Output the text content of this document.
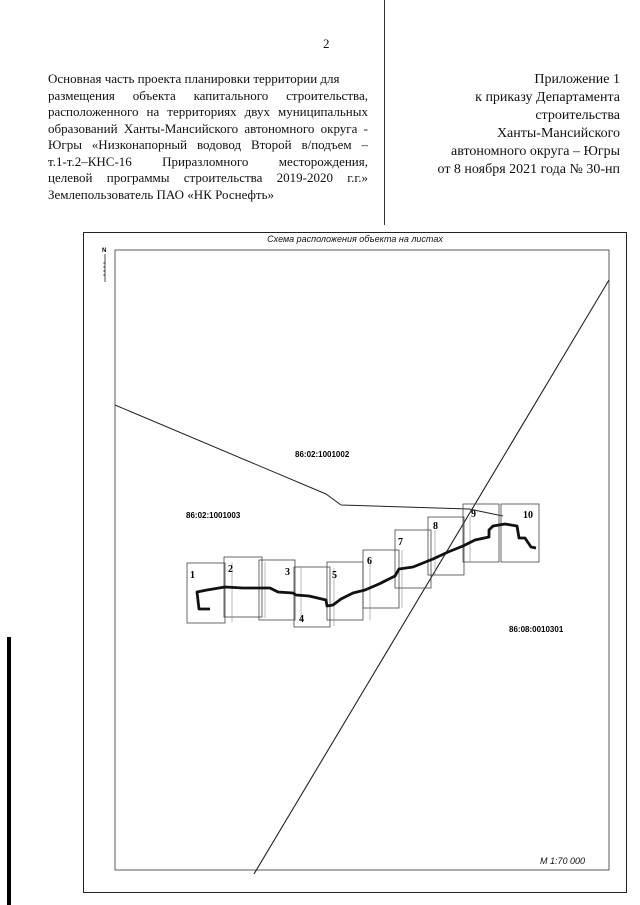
2
Основная часть проекта планировки территории для
размещения объекта капитального строительства,
расположенного на территориях двух муниципальных
образований Ханты-Мансийского автономного округа -
Югры «Низконапорный водовод Второй в/подъем –
т.1-т.2–КНС-16 Приразломного месторождения,
целевой программы строительства 2019-2020 г.г.»
Землепользователь ПАО «НК Роснефть»
Приложение 1
к приказу Департамента
строительства
Ханты-Мансийского
автономного округа – Югры
от 8 ноября 2021 года № 30-нп
Схема расположения объекта на листах
N
86:02:1001002
86:02:1001003
86:08:0010301
1
2	3
4
5
6
7
8
9	10
М 1:70 000
